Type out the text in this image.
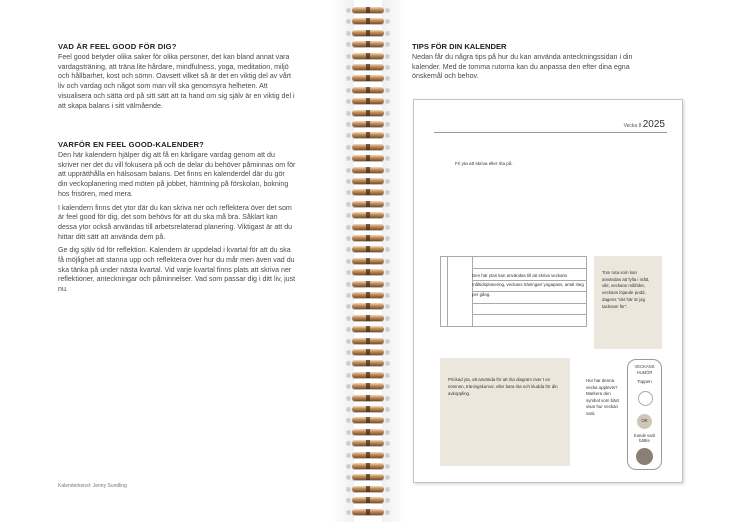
VAD ÄR FEEL GOOD FÖR DIG?

Feel good betyder olika saker för olika personer, det kan bland annat vara vardagsträning, att träna lite hårdare, mindfulness, yoga, meditation, miljö och hållbarhet, kost och sömn. Oavsett vilket så är det en viktig del av vårt liv och vardag och något som man vill ska genomsyra helheten. Att visualisera och sätta ord på sitt sätt att ta hand om sig själv är en viktig del i att skapa balans i sitt välmående.

VARFÖR EN FEEL GOOD-KALENDER?

Den här kalendern hjälper dig att få en kärligare vardag genom att du skriver ner det du vill fokusera på och de delar du behöver påminnas om för att upprätthålla en hälsosam balans. Det finns en kalenderdel där du gör din veckoplanering med möten på jobbet, hämtning på förskolan, bokning hos frisören, med mera.

I kalendern finns det ytor där du kan skriva ner och reflektera över det som är feel good för dig, det som behövs för att du ska må bra. Såklart kan dessa ytor också användas till arbetsrelaterad planering. Viktigast är att du hittar ditt sätt att använda dem på.

Ge dig själv tid för reflektion. Kalendern är uppdelad i kvartal för att du ska få möjlighet att stanna upp och reflektera över hur du mår men även vad du ska tänka på under nästa kvartal. Vid varje kvartal finns plats att skriva ner reflektioner, anteckningar och påminnelser. Vad som passar dig i ditt liv, just nu.

Kalenderkonst: Jenny Sundling
TIPS FÖR DIN KALENDER
Nedan får du några tips på hur du kan använda anteckningssidan i din kalender. Med de tomma rutorna kan du anpassa den efter dina egna önskemål och behov.
Vecka 8 2025
Fri yta att skriva eller rita på.
Den här ytan kan användas till att skriva veckans måltidsplanering, veckans träningar/ yogapass, antal steg per gång.
Tom ruta som kan användas att fylla i mått, vikt, veckans mål/ider, veckans löjande podd, dagens "det här är jag tacksam för".
Prickad yta, att använda för att rita diagram över t ex sömnen, träningskurvor, eller bara rita och kludda för din avkoppling.
Hur har denna vecka upplevts? Markera den symbol som bäst visar hur veckan varit.
VECKANS HUMÖR
Toppen
OK
Kunde varit bättre
